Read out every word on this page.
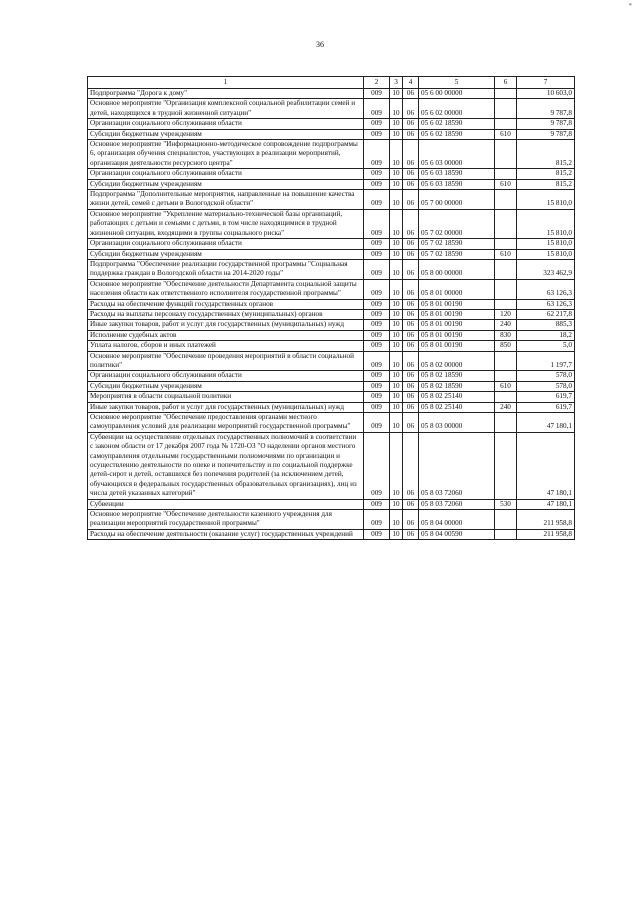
*
36
1	2	3	4	5	6	7
Подпрограмма "Дорога к дому"	009	10	06	05 6 00 00000		10 603,0
Основное мероприятие "Организация комплексной социальной реабилитации семей и детей, находящихся в трудной жизненной ситуации"	009	10	06	05 6 02 00000		9 787,8
Организации социального обслуживания области	009	10	06	05 6 02 18590		9 787,8
Субсидии бюджетным учреждениям	009	10	06	05 6 02 18590	610	9 787,8
Основное мероприятие "Информационно-методическое сопровождение подпрограммы 6, организация обучения специалистов, участвующих в реализации мероприятий, организация деятельности ресурсного центра"	009	10	06	05 6 03 00000		815,2
Организации социального обслуживания области	009	10	06	05 6 03 18590		815,2
Субсидии бюджетным учреждениям	009	10	06	05 6 03 18590	610	815,2
Подпрограмма "Дополнительные мероприятия, направленные на повышение качества жизни детей, семей с детьми в Вологодской области"	009	10	06	05 7 00 00000		15 810,0
Основное мероприятие "Укрепление материально-технической базы организаций, работающих с детьми и семьями с детьми, в том числе находящимися в трудной жизненной ситуации, входящими в группы социального риска"	009	10	06	05 7 02 00000		15 810,0
Организации социального обслуживания области	009	10	06	05 7 02 18590		15 810,0
Субсидии бюджетным учреждениям	009	10	06	05 7 02 18590	610	15 810,0
Подпрограмма "Обеспечение реализации государственной программы "Социальная поддержка граждан в Вологодской области на 2014-2020 годы"	009	10	06	05 8 00 00000		323 462,9
Основное мероприятие "Обеспечение деятельности Департамента социальной защиты населения области как ответственного исполнителя государственной программы"	009	10	06	05 8 01 00000		63 126,3
Расходы на обеспечение функций государственных органов	009	10	06	05 8 01 00190		63 126,3
Расходы на выплаты персоналу государственных (муниципальных) органов	009	10	06	05 8 01 00190	120	62 217,8
Иные закупки товаров, работ и услуг для государственных (муниципальных) нужд	009	10	06	05 8 01 00190	240	885,3
Исполнение судебных актов	009	10	06	05 8 01 00190	830	18,2
Уплата налогов, сборов и иных платежей	009	10	06	05 8 01 00190	850	5,0
Основное мероприятие "Обеспечение проведения мероприятий в области социальной политики"	009	10	06	05 8 02 00000		1 197,7
Организации социального обслуживания области	009	10	06	05 8 02 18590		578,0
Субсидии бюджетным учреждениям	009	10	06	05 8 02 18590	610	578,0
Мероприятия в области социальной политики	009	10	06	05 8 02 25140		619,7
Иные закупки товаров, работ и услуг для государственных (муниципальных) нужд	009	10	06	05 8 02 25140	240	619,7
Основное мероприятие "Обеспечение предоставления органами местного самоуправления условий для реализации мероприятий государственной программы"	009	10	06	05 8 03 00000		47 180,1
Субвенции на осуществление отдельных государственных полномочий в соответствии с законом области от 17 декабря 2007 года № 1720-ОЗ "О наделении органов местного самоуправления отдельными государственными полномочиями по организации и осуществлению деятельности по опеке и попечительству и по социальной поддержке детей-сирот и детей, оставшихся без попечения родителей (за исключением детей, обучающихся в федеральных государственных образовательных организациях), лиц из числа детей указанных категорий"	009	10	06	05 8 03 72060		47 180,1
Субвенции	009	10	06	05 8 03 72060	530	47 180,1
Основное мероприятие "Обеспечение деятельности казенного учреждения для реализации мероприятий государственной программы"	009	10	06	05 8 04 00000		211 958,8
Расходы на обеспечение деятельности (оказание услуг) государственных учреждений	009	10	06	05 8 04 00590		211 958,8
